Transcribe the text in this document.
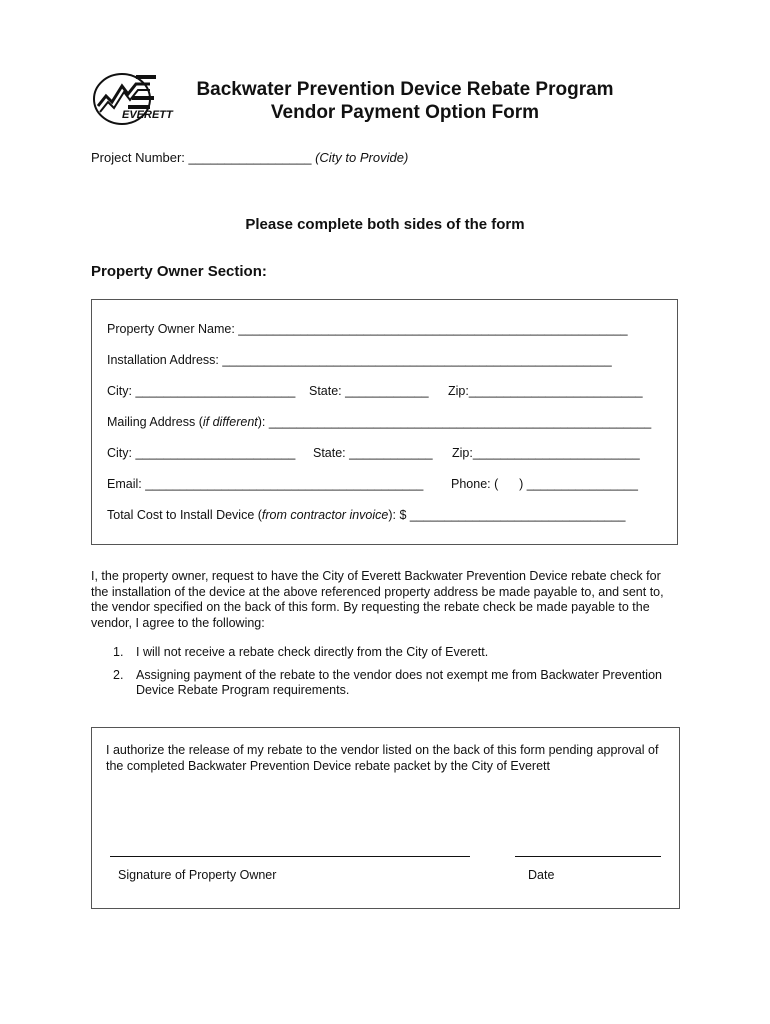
EVERETT
Backwater Prevention Device Rebate Program
Vendor Payment Option Form
Project Number: _________________ (City to Provide)
Please complete both sides of the form
Property Owner Section:
Property Owner Name: ________________________________________________________
Installation Address: ________________________________________________________
City: _______________________ State: ____________ Zip:_________________________
Mailing Address (if different): _______________________________________________________
City: _______________________ State: ____________ Zip:________________________
Email: ________________________________________ Phone: (      ) ________________
Total Cost to Install Device (from contractor invoice): $ _______________________________
I, the property owner, request to have the City of Everett Backwater Prevention Device rebate check for the installation of the device at the above referenced property address be made payable to, and sent to, the vendor specified on the back of this form. By requesting the rebate check be made payable to the vendor, I agree to the following:
1. I will not receive a rebate check directly from the City of Everett.
2. Assigning payment of the rebate to the vendor does not exempt me from Backwater Prevention Device Rebate Program requirements.
I authorize the release of my rebate to the vendor listed on the back of this form pending approval of the completed Backwater Prevention Device rebate packet by the City of Everett
Signature of Property Owner	Date
